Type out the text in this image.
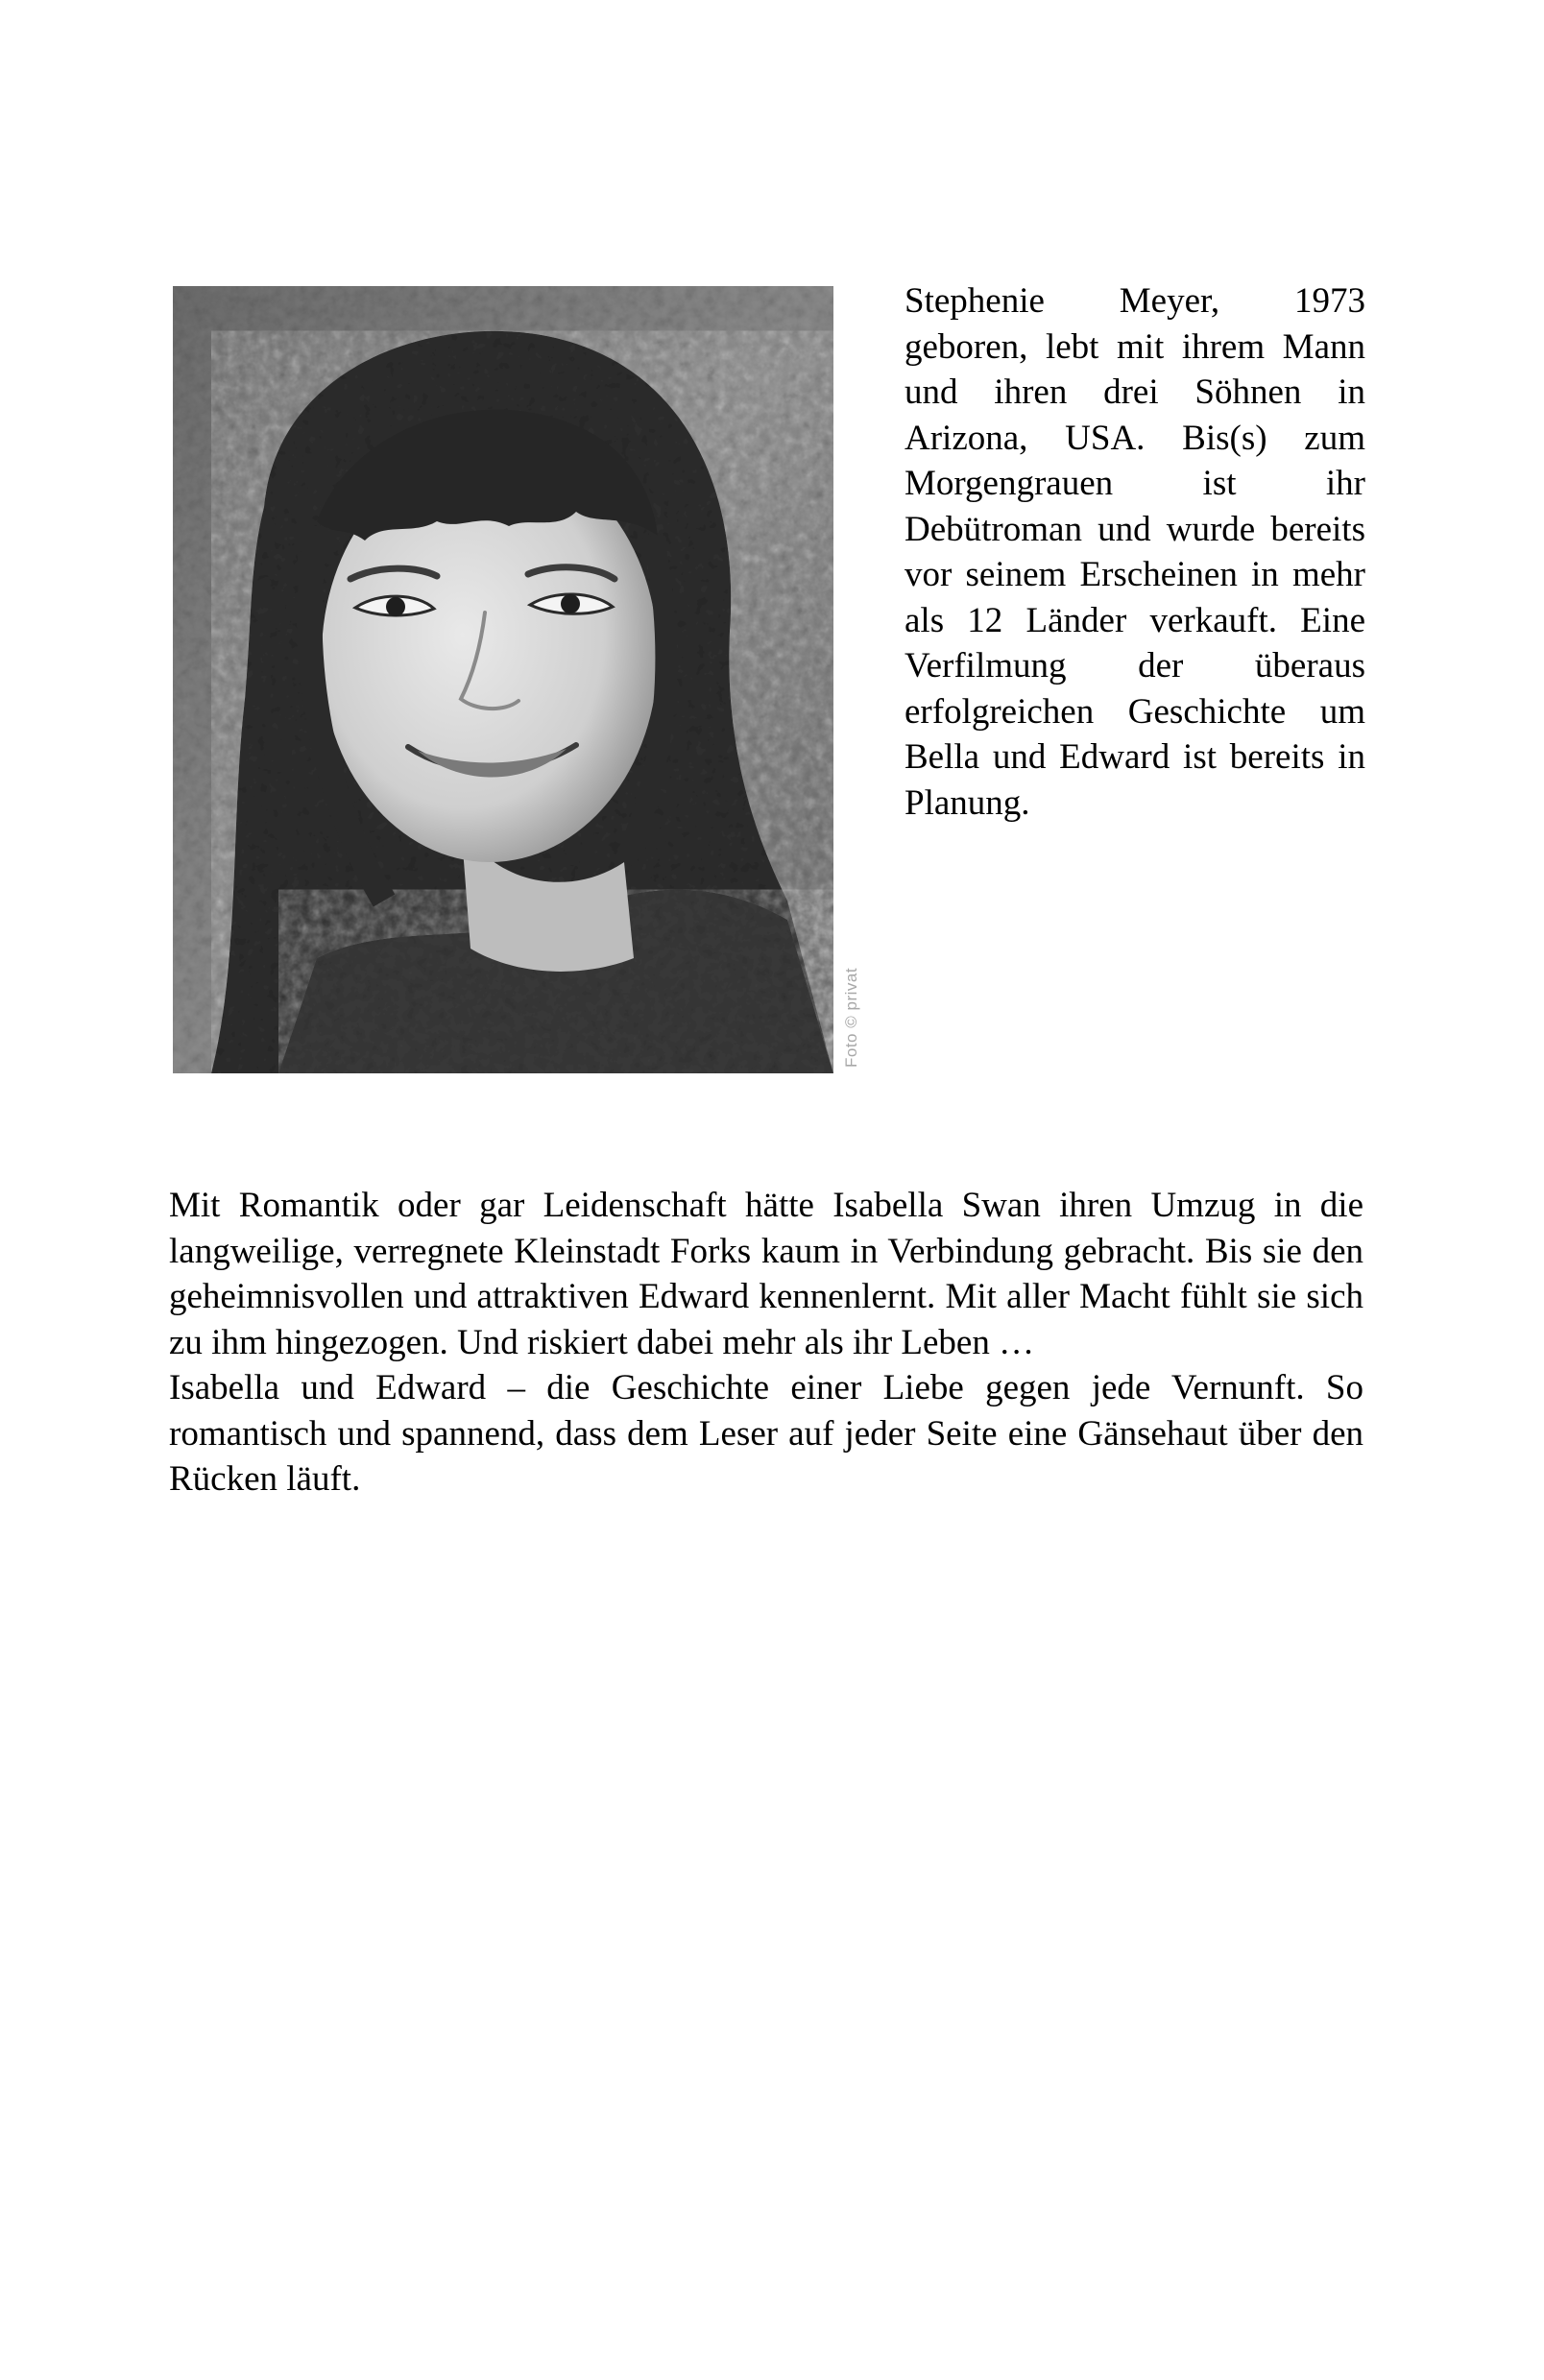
Foto © privat

Stephenie Meyer, 1973 geboren, lebt mit ihrem Mann und ihren drei Söhnen in Arizona, USA. Bis(s) zum Morgengrauen ist ihr Debütroman und wurde bereits vor seinem Erscheinen in mehr als 12 Länder verkauft. Eine Verfilmung der überaus erfolgreichen Geschichte um Bella und Edward ist bereits in Planung.

Mit Romantik oder gar Leidenschaft hätte Isabella Swan ihren Umzug in die langweilige, verregnete Kleinstadt Forks kaum in Verbindung gebracht. Bis sie den geheimnisvollen und attraktiven Edward kennenlernt. Mit aller Macht fühlt sie sich zu ihm hingezogen. Und riskiert dabei mehr als ihr Leben …

Isabella und Edward – die Geschichte einer Liebe gegen jede Vernunft. So romantisch und spannend, dass dem Leser auf jeder Seite eine Gänsehaut über den Rücken läuft.
